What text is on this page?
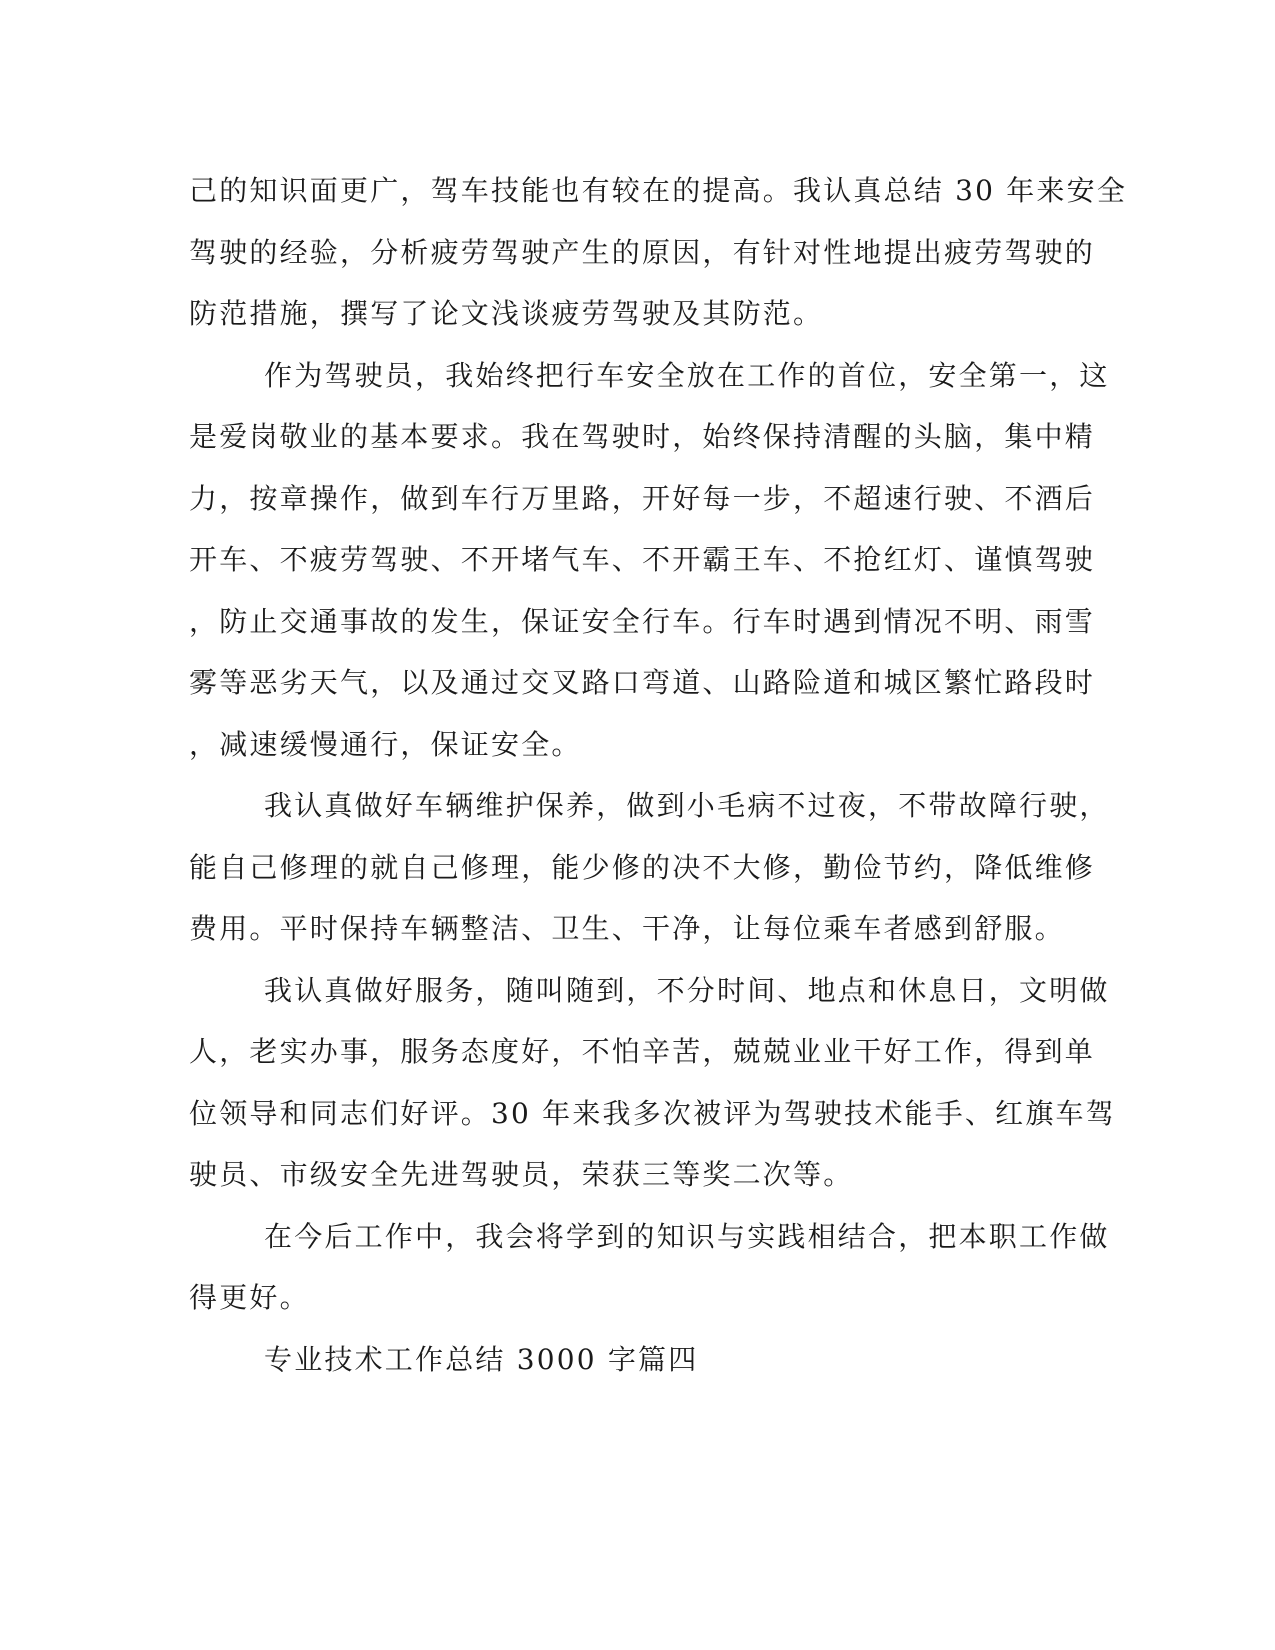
己的知识面更广，驾车技能也有较在的提高。我认真总结 30 年来安全
驾驶的经验，分析疲劳驾驶产生的原因，有针对性地提出疲劳驾驶的
防范措施，撰写了论文浅谈疲劳驾驶及其防范。
作为驾驶员，我始终把行车安全放在工作的首位，安全第一，这
是爱岗敬业的基本要求。我在驾驶时，始终保持清醒的头脑，集中精
力，按章操作，做到车行万里路，开好每一步，不超速行驶、不酒后
开车、不疲劳驾驶、不开堵气车、不开霸王车、不抢红灯、谨慎驾驶
，防止交通事故的发生，保证安全行车。行车时遇到情况不明、雨雪
雾等恶劣天气，以及通过交叉路口弯道、山路险道和城区繁忙路段时
，减速缓慢通行，保证安全。
我认真做好车辆维护保养，做到小毛病不过夜，不带故障行驶，
能自己修理的就自己修理，能少修的决不大修，勤俭节约，降低维修
费用。平时保持车辆整洁、卫生、干净，让每位乘车者感到舒服。
我认真做好服务，随叫随到，不分时间、地点和休息日，文明做
人，老实办事，服务态度好，不怕辛苦，兢兢业业干好工作，得到单
位领导和同志们好评。30 年来我多次被评为驾驶技术能手、红旗车驾
驶员、市级安全先进驾驶员，荣获三等奖二次等。
在今后工作中，我会将学到的知识与实践相结合，把本职工作做
得更好。
专业技术工作总结 3000 字篇四
